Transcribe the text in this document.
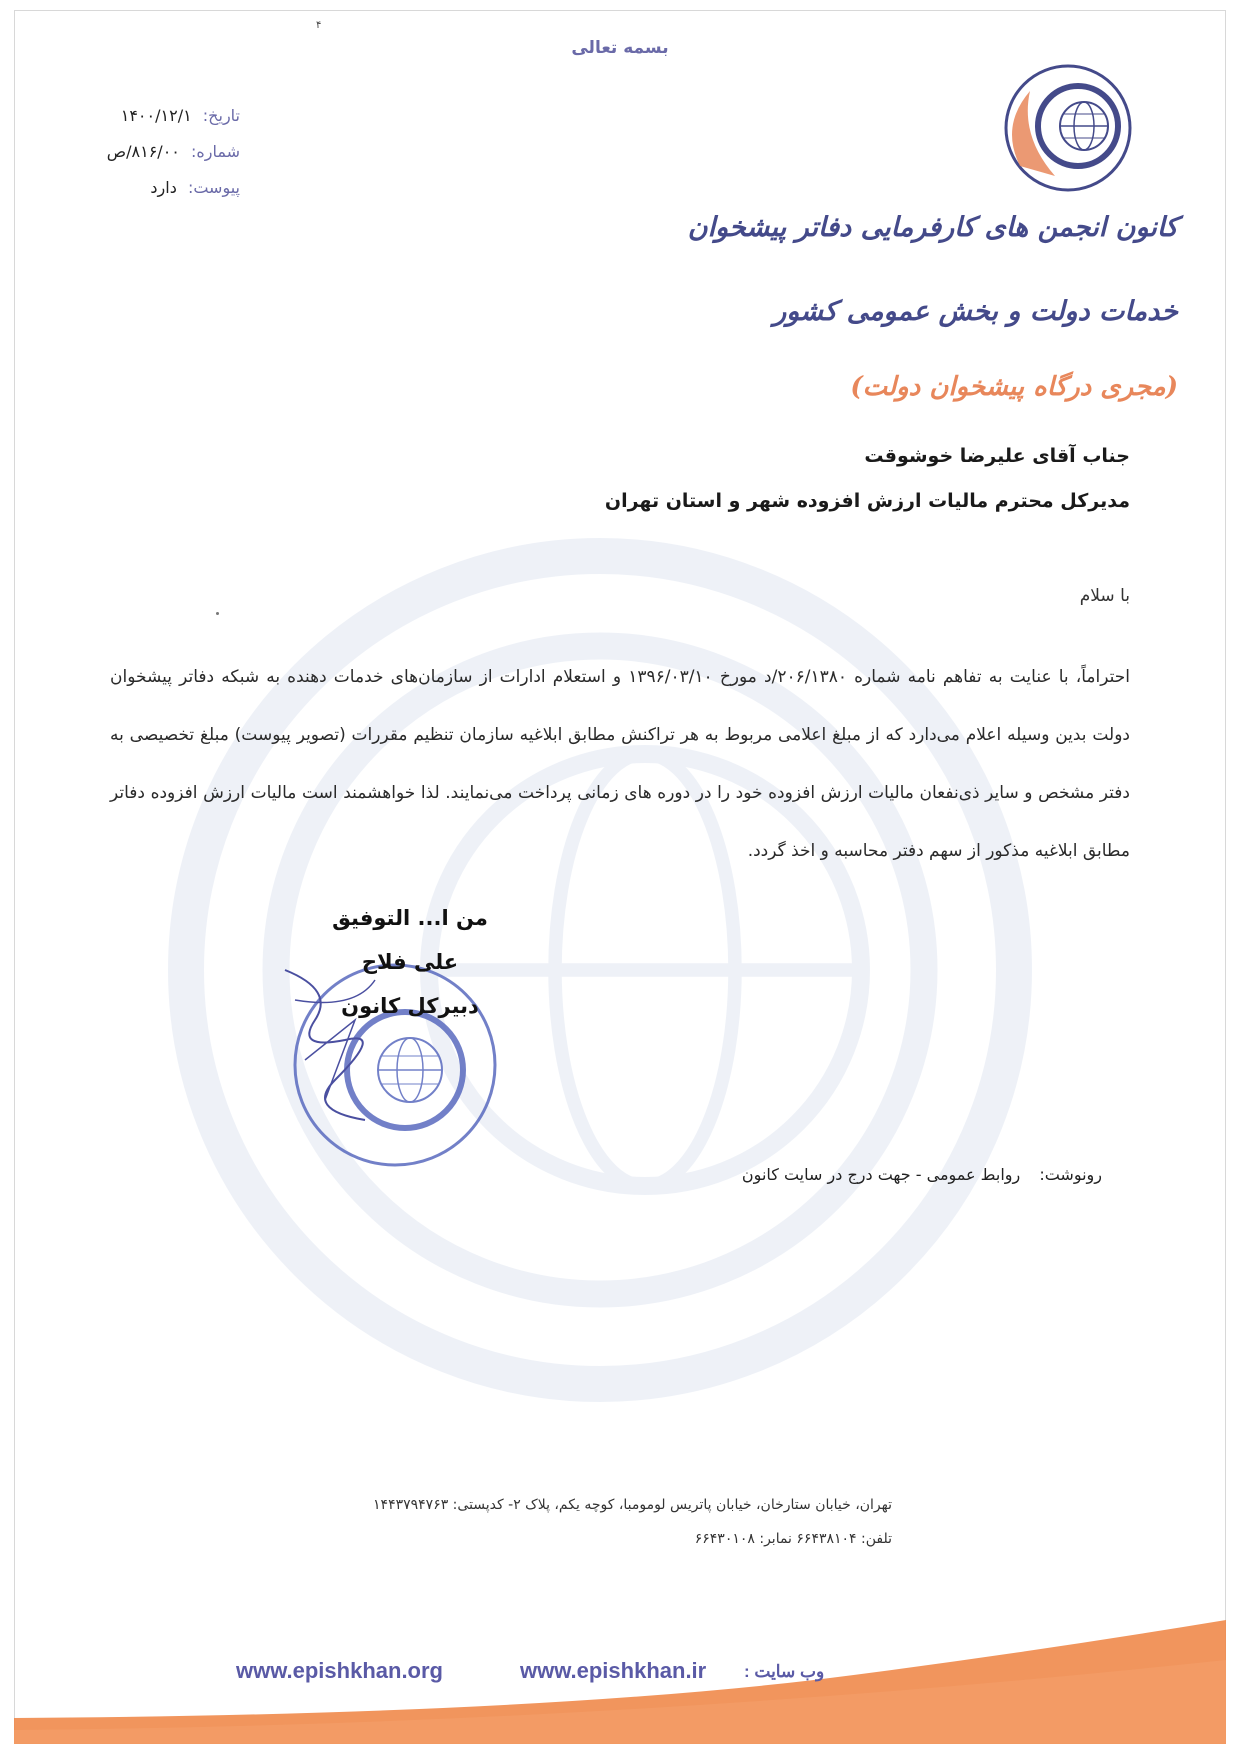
۴
بسمه تعالی
تاریخ: ۱۴۰۰/۱۲/۱
شماره: ۸۱۶/۰۰/ص
پیوست: دارد
کانون انجمن های کارفرمایی دفاتر پیشخوان
خدمات دولت و بخش عمومی کشور
(مجری درگاه پیشخوان دولت)
جناب آقای علیرضا خوشوقت
مدیرکل محترم مالیات ارزش افزوده شهر و استان تهران
با سلام

احتراماً، با عنایت به تفاهم نامه شماره ۲۰۶/۱۳۸۰/د مورخ ۱۳۹۶/۰۳/۱۰ و استعلام ادارات از سازمان‌های خدمات دهنده به شبکه دفاتر پیشخوان دولت بدین وسیله اعلام می‌دارد که از مبلغ اعلامی مربوط به هر تراکنش مطابق ابلاغیه سازمان تنظیم مقررات (تصویر پیوست) مبلغ تخصیصی به دفتر مشخص و سایر ذی‌نفعان مالیات ارزش افزوده خود را در دوره های زمانی پرداخت می‌نمایند. لذا خواهشمند است مالیات ارزش افزوده دفاتر مطابق ابلاغیه مذکور از سهم دفتر محاسبه و اخذ گردد.

من ا... التوفیق
علی فلاح
دبیرکل کانون
رونوشت: روابط عمومی - جهت درج در سایت کانون
تهران، خیابان ستارخان، خیابان پاتریس لومومبا، کوچه یکم، پلاک ۲- کدپستی: ۱۴۴۳۷۹۴۷۶۳
تلفن: ۶۶۴۳۸۱۰۴ نمابر: ۶۶۴۳۰۱۰۸
www.epishkhan.org	www.epishkhan.ir وب سایت :
